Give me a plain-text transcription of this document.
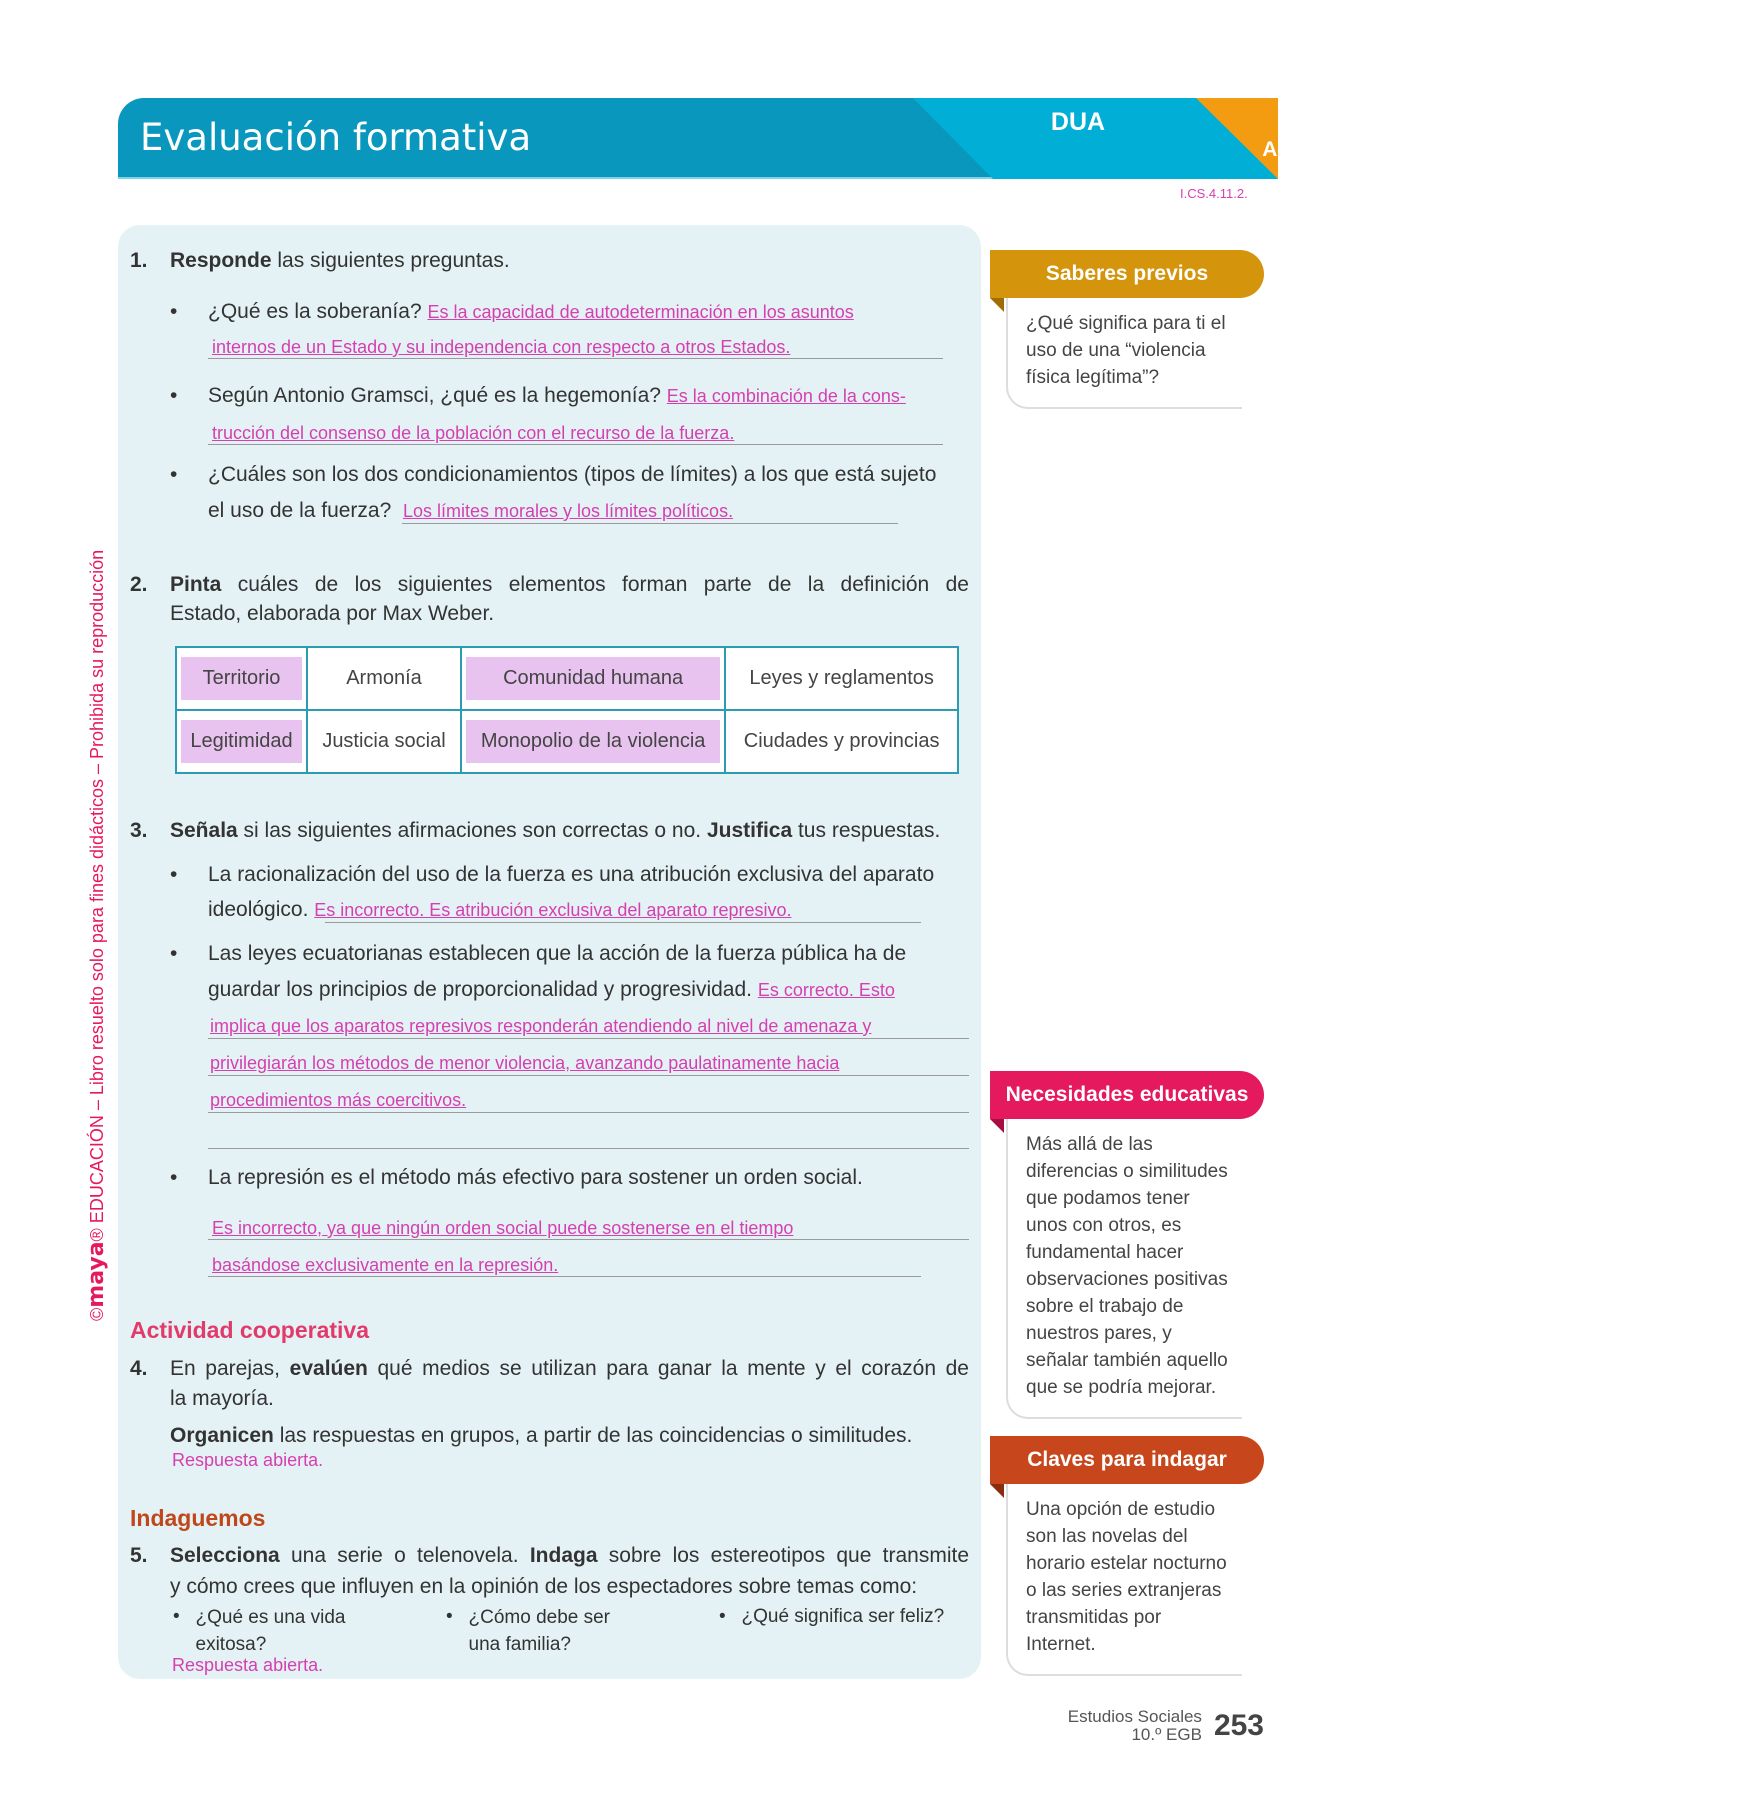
Evaluación formativa	DUA
Acción y expresión
I.CS.4.11.2.
©maya® EDUCACIÓN – Libro resuelto solo para fines didácticos – Prohibida su reproducción
1. Responde las siguientes preguntas.
• ¿Qué es la soberanía? Es la capacidad de autodeterminación en los asuntos
internos de un Estado y su independencia con respecto a otros Estados.
• Según Antonio Gramsci, ¿qué es la hegemonía? Es la combinación de la cons-
trucción del consenso de la población con el recurso de la fuerza.
• ¿Cuáles son los dos condicionamientos (tipos de límites) a los que está sujeto
el uso de la fuerza? Los límites morales y los límites políticos.
2. Pinta cuáles de los siguientes elementos forman parte de la definición de
Estado, elaborada por Max Weber.
Territorio	Armonía	Comunidad humana	Leyes y reglamentos

Legitimidad	Justicia social	Monopolio de la violencia	Ciudades y provincias
3. Señala si las siguientes afirmaciones son correctas o no. Justifica tus respuestas.
• La racionalización del uso de la fuerza es una atribución exclusiva del aparato
ideológico. Es incorrecto. Es atribución exclusiva del aparato represivo.
• Las leyes ecuatorianas establecen que la acción de la fuerza pública ha de
guardar los principios de proporcionalidad y progresividad. Es correcto. Esto
implica que los aparatos represivos responderán atendiendo al nivel de amenaza y
privilegiarán los métodos de menor violencia, avanzando paulatinamente hacia
procedimientos más coercitivos.
• La represión es el método más efectivo para sostener un orden social.
Es incorrecto, ya que ningún orden social puede sostenerse en el tiempo
basándose exclusivamente en la represión.
Actividad cooperativa
4. En parejas, evalúen qué medios se utilizan para ganar la mente y el corazón de
la mayoría.
Organicen las respuestas en grupos, a partir de las coincidencias o similitudes.
Respuesta abierta.
Indaguemos
5. Selecciona una serie o telenovela. Indaga sobre los estereotipos que transmite
y cómo crees que influyen en la opinión de los espectadores sobre temas como:
•   ¿Qué es una vida
exitosa?
•   ¿Cómo debe ser
una familia?
•   ¿Qué significa ser feliz?
Respuesta abierta.
Saberes previos
¿Qué significa para ti el uso de una “violencia física legítima”?
Necesidades educativas
Más allá de las diferencias o similitudes que podamos tener unos con otros, es fundamental hacer observaciones positivas sobre el trabajo de nuestros pares, y señalar también aquello que se podría mejorar.
Claves para indagar
Una opción de estudio son las novelas del horario estelar nocturno o las series extranjeras transmitidas por Internet.
Estudios Sociales
10.º EGB 253
